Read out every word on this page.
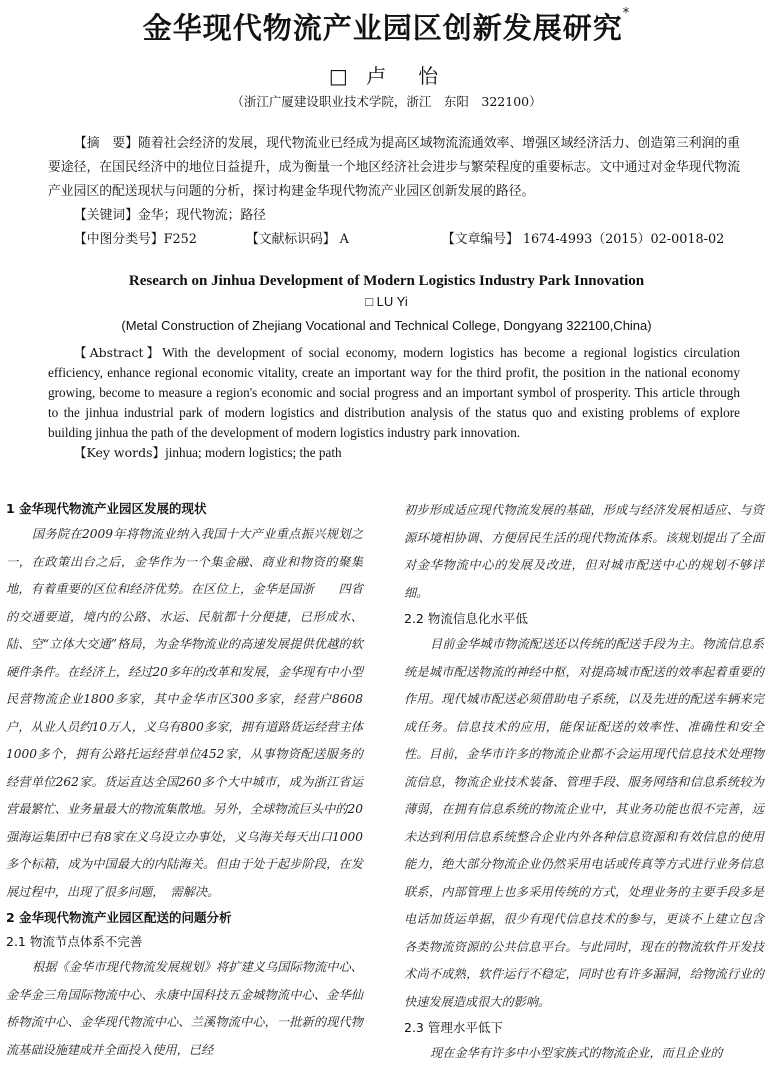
金华现代物流产业园区创新发展研究*
□ 卢　怡
（浙江广厦建设职业技术学院，浙江　东阳　322100）

【摘　要】随着社会经济的发展，现代物流业已经成为提高区域物流流通效率、增强区域经济活力、创造第三利润的重要途径，在国民经济中的地位日益提升，成为衡量一个地区经济社会进步与繁荣程度的重要标志。文中通过对金华现代物流产业园区的配送现状与问题的分析，探讨构建金华现代物流产业园区创新发展的路径。

【关键词】金华；现代物流；路径

【中图分类号】F252	【文献标识码】 A	【文章编号】 1674-4993（2015）02-0018-02
Research on Jinhua Development of Modern Logistics Industry Park Innovation
□ LU Yi
(Metal Construction of Zhejiang Vocational and Technical College, Dongyang 322100,China)

【Abstract】With the development of social economy, modern logistics has become a regional logistics circulation efficiency, enhance regional economic vitality, create an important way for the third profit, the position in the national economy growing, become to measure a region's economic and social progress and an important symbol of prosperity. This article through to the jinhua industrial park of modern logistics and distribution analysis of the status quo and existing problems of explore building jinhua the path of the development of modern logistics industry park innovation.

【Key words】jinhua; modern logistics; the path

1 金华现代物流产业园区发展的现状

国务院在2009年将物流业纳入我国十大产业重点振兴规划之一，在政策出台之后，金华作为一个集金融、商业和物资的聚集地，有着重要的区位和经济优势。在区位上，金华是国浙　　四省的交通要道，境内的公路、水运、民航都十分便捷，已形成水、陆、空“立体大交通”格局，为金华物流业的高速发展提供优越的软硬件条件。在经济上，经过20多年的改革和发展，金华现有中小型民营物流企业1800多家，其中金华市区300多家，经营户8608户，从业人员约10万人，义乌有800多家，拥有道路货运经营主体1000多个，拥有公路托运经营单位452家，从事物资配送服务的经营单位262家。货运直达全国260多个大中城市，成为浙江省运营最繁忙、业务量最大的物流集散地。另外，全球物流巨头中的20强海运集团中已有8家在义乌设立办事处，义乌海关每天出口1000多个标箱，成为中国最大的内陆海关。但由于处于起步阶段，在发展过程中，出现了很多问题，　需解决。

2 金华现代物流产业园区配送的问题分析
2.1 物流节点体系不完善

根据《金华市现代物流发展规划》将扩建义乌国际物流中心、金华金三角国际物流中心、永康中国科技五金城物流中心、金华仙桥物流中心、金华现代物流中心、兰溪物流中心，一批新的现代物流基础设施建成并全面投入使用，已经

初步形成适应现代物流发展的基础，形成与经济发展相适应、与资源环境相协调、方便居民生活的现代物流体系。该规划提出了全面对金华物流中心的发展及改进，但对城市配送中心的规划不够详细。

2.2 物流信息化水平低

目前金华城市物流配送还以传统的配送手段为主。物流信息系统是城市配送物流的神经中枢，对提高城市配送的效率起着重要的作用。现代城市配送必须借助电子系统，以及先进的配送车辆来完成任务。信息技术的应用，能保证配送的效率性、准确性和安全性。目前，金华市许多的物流企业都不会运用现代信息技术处理物流信息，物流企业技术装备、管理手段、服务网络和信息系统较为薄弱，在拥有信息系统的物流企业中，其业务功能也很不完善，远未达到利用信息系统整合企业内外各种信息资源和有效信息的使用能力，绝大部分物流企业仍然采用电话或传真等方式进行业务信息联系，内部管理上也多采用传统的方式，处理业务的主要手段多是电话加货运单据，很少有现代信息技术的参与，更谈不上建立包含各类物流资源的公共信息平台。与此同时，现在的物流软件开发技术尚不成熟，软件运行不稳定，同时也有许多漏洞，给物流行业的快速发展造成很大的影响。

2.3 管理水平低下

现在金华有许多中小型家族式的物流企业，而且企业的
